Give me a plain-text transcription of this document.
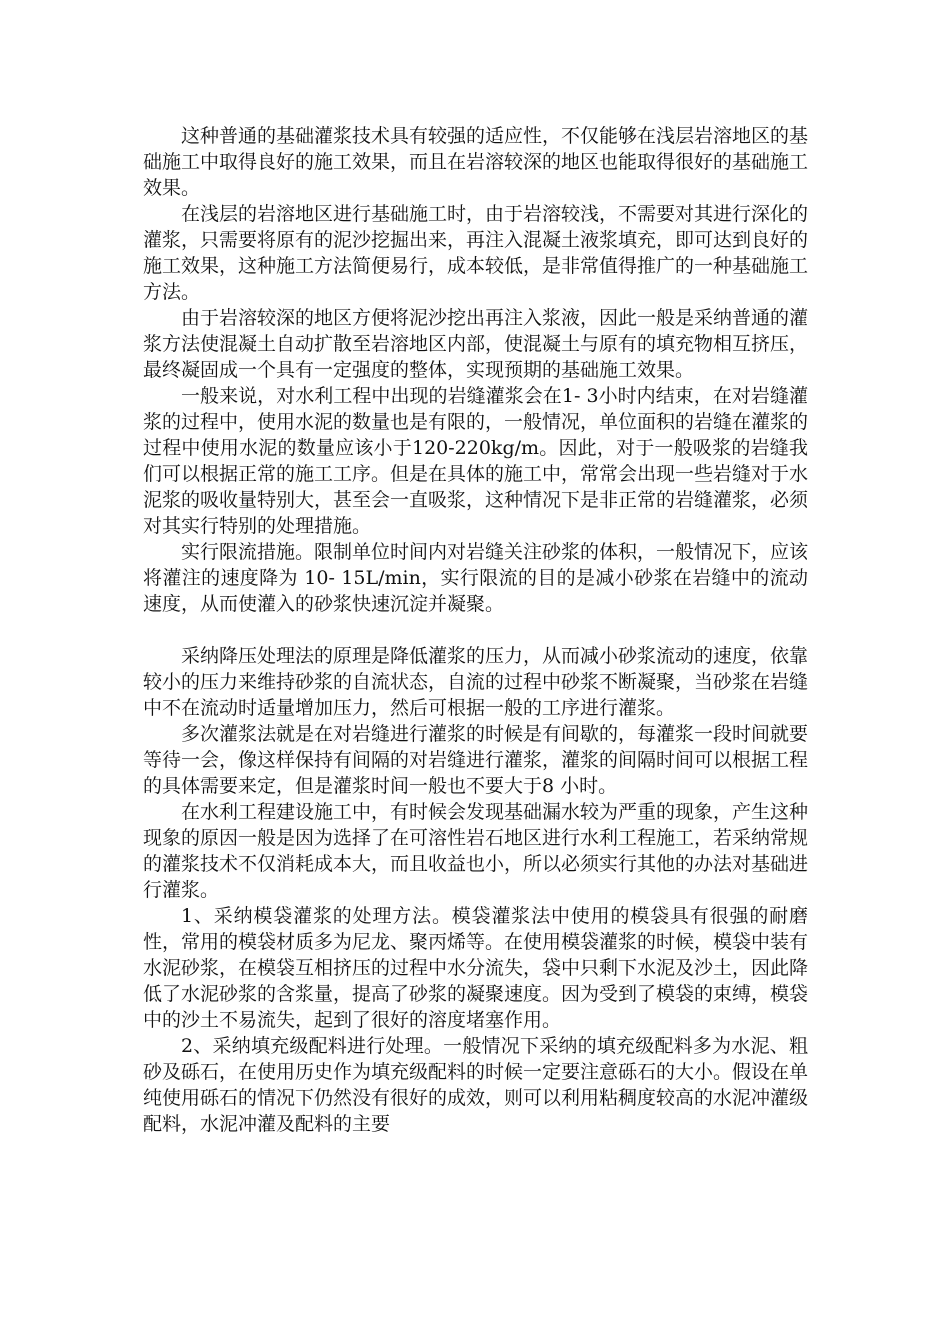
这种普通的基础灌浆技术具有较强的适应性，不仅能够在浅层岩溶地区的基础施工中取得良好的施工效果，而且在岩溶较深的地区也能取得很好的基础施工效果。

在浅层的岩溶地区进行基础施工时，由于岩溶较浅，不需要对其进行深化的灌浆，只需要将原有的泥沙挖掘出来，再注入混凝土液浆填充，即可达到良好的施工效果，这种施工方法简便易行，成本较低，是非常值得推广的一种基础施工方法。

由于岩溶较深的地区方便将泥沙挖出再注入浆液，因此一般是采纳普通的灌浆方法使混凝土自动扩散至岩溶地区内部，使混凝土与原有的填充物相互挤压，最终凝固成一个具有一定强度的整体，实现预期的基础施工效果。

一般来说，对水利工程中出现的岩缝灌浆会在1- 3小时内结束，在对岩缝灌浆的过程中，使用水泥的数量也是有限的，一般情况，单位面积的岩缝在灌浆的过程中使用水泥的数量应该小于120-220kg/m。因此，对于一般吸浆的岩缝我们可以根据正常的施工工序。但是在具体的施工中，常常会出现一些岩缝对于水泥浆的吸收量特别大，甚至会一直吸浆，这种情况下是非正常的岩缝灌浆，必须对其实行特别的处理措施。

实行限流措施。限制单位时间内对岩缝关注砂浆的体积，一般情况下，应该将灌注的速度降为 10- 15L/min，实行限流的目的是减小砂浆在岩缝中的流动速度，从而使灌入的砂浆快速沉淀并凝聚。

采纳降压处理法的原理是降低灌浆的压力，从而减小砂浆流动的速度，依靠较小的压力来维持砂浆的自流状态，自流的过程中砂浆不断凝聚，当砂浆在岩缝中不在流动时适量增加压力，然后可根据一般的工序进行灌浆。

多次灌浆法就是在对岩缝进行灌浆的时候是有间歇的，每灌浆一段时间就要等待一会，像这样保持有间隔的对岩缝进行灌浆，灌浆的间隔时间可以根据工程的具体需要来定，但是灌浆时间一般也不要大于8 小时。

在水利工程建设施工中，有时候会发现基础漏水较为严重的现象，产生这种现象的原因一般是因为选择了在可溶性岩石地区进行水利工程施工，若采纳常规的灌浆技术不仅消耗成本大，而且收益也小，所以必须实行其他的办法对基础进行灌浆。

1、采纳模袋灌浆的处理方法。模袋灌浆法中使用的模袋具有很强的耐磨性，常用的模袋材质多为尼龙、聚丙烯等。在使用模袋灌浆的时候，模袋中装有水泥砂浆，在模袋互相挤压的过程中水分流失，袋中只剩下水泥及沙土，因此降低了水泥砂浆的含浆量，提高了砂浆的凝聚速度。因为受到了模袋的束缚，模袋中的沙土不易流失，起到了很好的溶度堵塞作用。

2、采纳填充级配料进行处理。一般情况下采纳的填充级配料多为水泥、粗砂及砾石，在使用历史作为填充级配料的时候一定要注意砾石的大小。假设在单纯使用砾石的情况下仍然没有很好的成效，则可以利用粘稠度较高的水泥冲灌级配料，水泥冲灌及配料的主要
